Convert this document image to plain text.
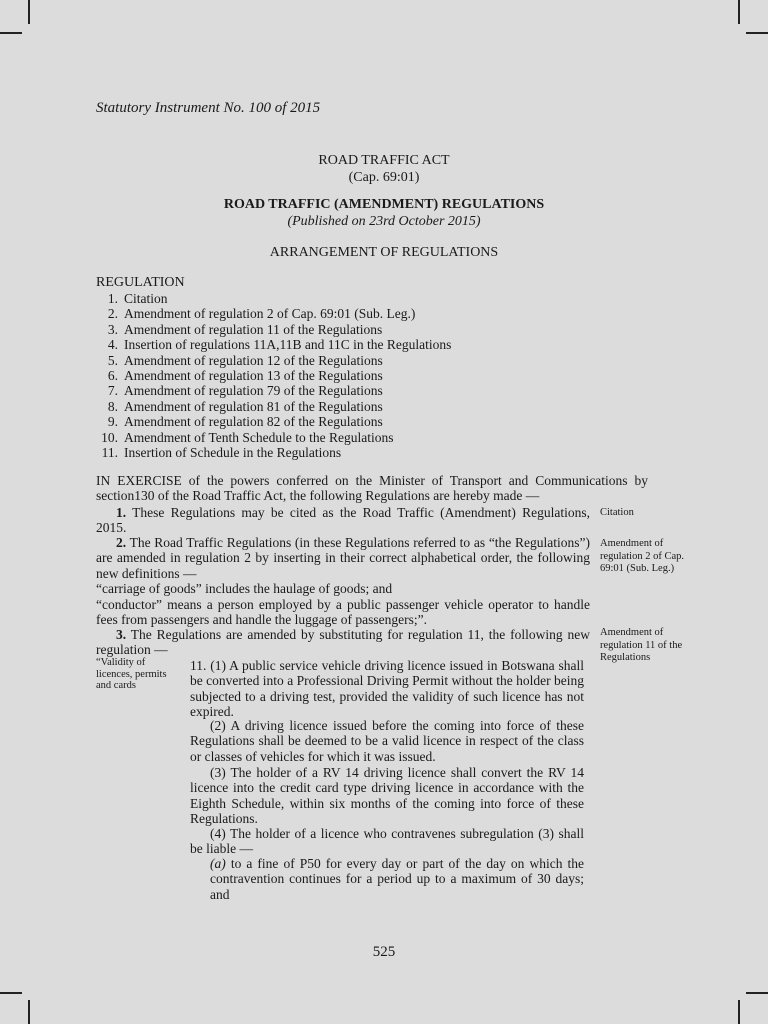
Statutory Instrument No. 100 of 2015
ROAD TRAFFIC ACT
(Cap. 69:01)
ROAD TRAFFIC (AMENDMENT) REGULATIONS
(Published on 23rd October 2015)
ARRANGEMENT OF REGULATIONS
REGULATION
1. Citation
2. Amendment of regulation 2 of Cap. 69:01 (Sub. Leg.)
3. Amendment of regulation 11 of the Regulations
4. Insertion of regulations 11A,11B and 11C in the Regulations
5. Amendment of regulation 12 of the Regulations
6. Amendment of regulation 13 of the Regulations
7. Amendment of regulation 79 of the Regulations
8. Amendment of regulation 81 of the Regulations
9. Amendment of regulation 82 of the Regulations
10. Amendment of Tenth Schedule to the Regulations
11. Insertion of Schedule in the Regulations
IN EXERCISE of the powers conferred on the Minister of Transport and Communications by section130 of the Road Traffic Act, the following Regulations are hereby made —
1. These Regulations may be cited as the Road Traffic (Amendment) Regulations, 2015.
Citation
2. The Road Traffic Regulations (in these Regulations referred to as “the Regulations”) are amended in regulation 2 by inserting in their correct alphabetical order, the following new definitions —
Amendment of regulation 2 of Cap. 69:01 (Sub. Leg.)
“carriage of goods” includes the haulage of goods; and
“conductor” means a person employed by a public passenger vehicle operator to handle fees from passengers and handle the luggage of passengers;”.
3. The Regulations are amended by substituting for regulation 11, the following new regulation —
Amendment of regulation 11 of the Regulations
“Validity of licences, permits and cards
11. (1) A public service vehicle driving licence issued in Botswana shall be converted into a Professional Driving Permit without the holder being subjected to a driving test, provided the validity of such licence has not expired.
(2) A driving licence issued before the coming into force of these Regulations shall be deemed to be a valid licence in respect of the class or classes of vehicles for which it was issued.
(3) The holder of a RV 14 driving licence shall convert the RV 14 licence into the credit card type driving licence in accordance with the Eighth Schedule, within six months of the coming into force of these Regulations.
(4) The holder of a licence who contravenes subregulation (3) shall be liable —
(a) to a fine of P50 for every day or part of the day on which the contravention continues for a period up to a maximum of 30 days; and
525
